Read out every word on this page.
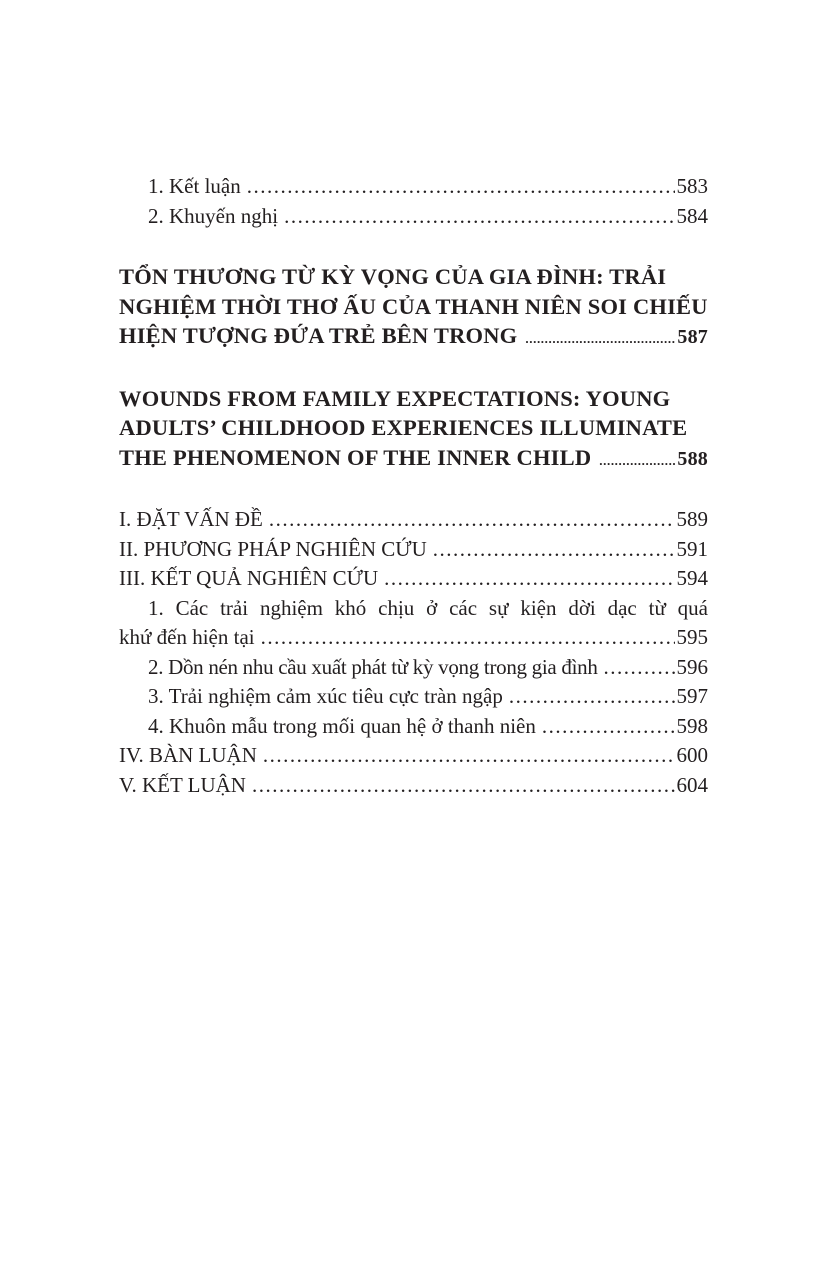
1. Kết luận .....	583
2. Khuyến nghị .....	584
TỔN THƯƠNG TỪ KỲ VỌNG CỦA GIA ĐÌNH: TRẢI
NGHIỆM THỜI THƠ ẤU CỦA THANH NIÊN SOI CHIẾU
HIỆN TƯỢNG ĐỨA TRẺ BÊN TRONG .....	587
WOUNDS FROM FAMILY EXPECTATIONS: YOUNG
ADULTS’ CHILDHOOD EXPERIENCES ILLUMINATE
THE PHENOMENON OF THE INNER CHILD .....	588
I. ĐẶT VẤN ĐỀ .....	589
II. PHƯƠNG PHÁP NGHIÊN CỨU .....	591
III. KẾT QUẢ NGHIÊN CỨU .....	594
1. Các trải nghiệm khó chịu ở các sự kiện dời dạc từ quá
khứ đến hiện tại .....	595
2. Dồn nén nhu cầu xuất phát từ kỳ vọng trong gia đình .....	596
3. Trải nghiệm cảm xúc tiêu cực tràn ngập .....	597
4. Khuôn mẫu trong mối quan hệ ở thanh niên .....	598
IV. BÀN LUẬN .....	600
V. KẾT LUẬN .....	604
